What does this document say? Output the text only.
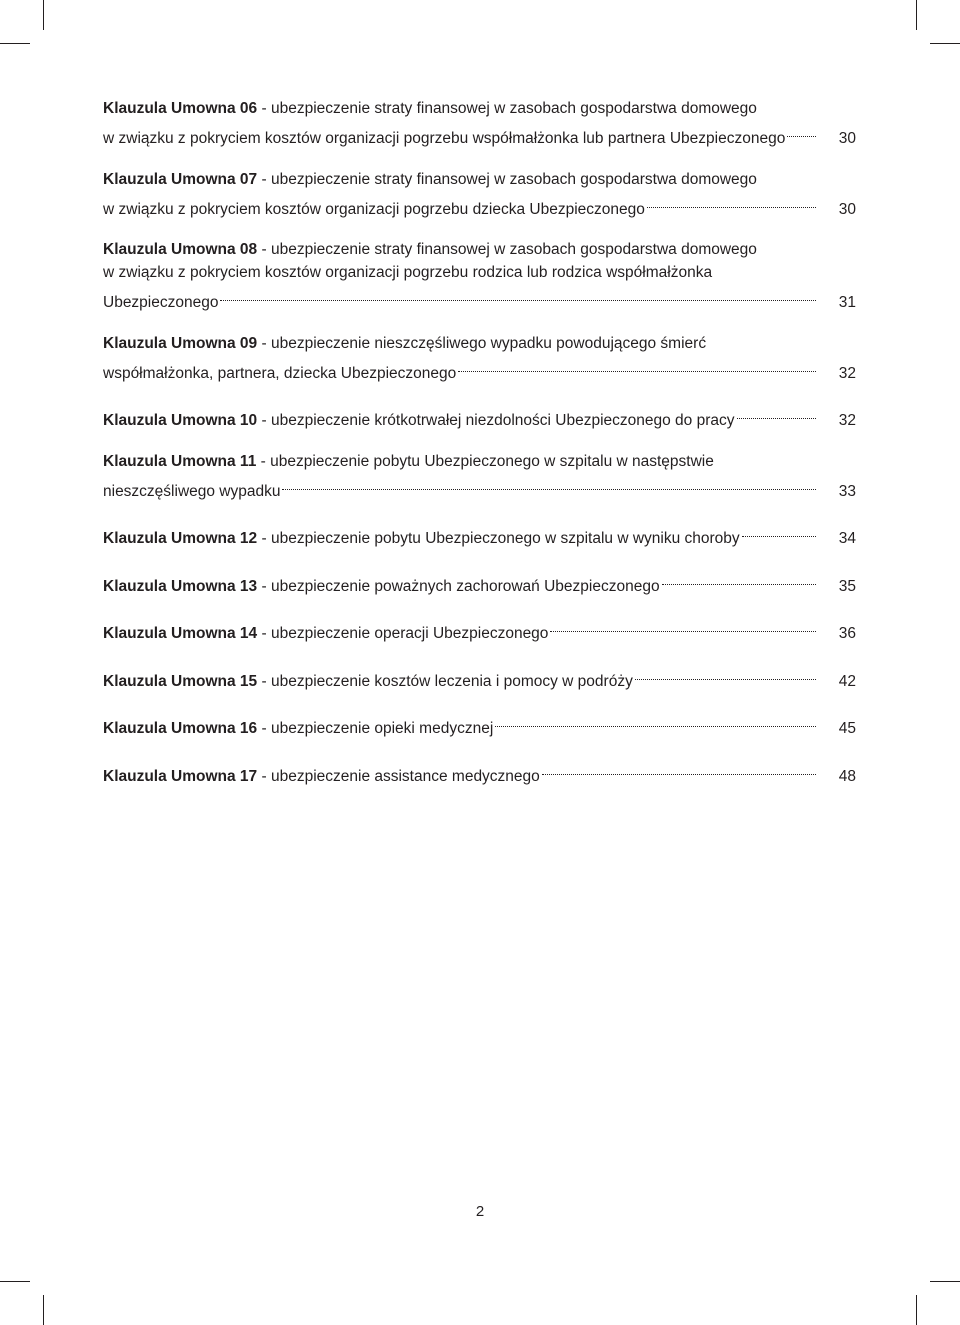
Klauzula Umowna 06 - ubezpieczenie straty finansowej w zasobach gospodarstwa domowego
w związku z pokryciem kosztów organizacji pogrzebu współmałżonka lub partnera Ubezpieczonego	30
Klauzula Umowna 07 - ubezpieczenie straty finansowej w zasobach gospodarstwa domowego
w związku z pokryciem kosztów organizacji pogrzebu dziecka Ubezpieczonego	30
Klauzula Umowna 08 - ubezpieczenie straty finansowej w zasobach gospodarstwa domowego
w związku z pokryciem kosztów organizacji pogrzebu rodzica lub rodzica współmałżonka
Ubezpieczonego	31
Klauzula Umowna 09 - ubezpieczenie nieszczęśliwego wypadku powodującego śmierć
współmałżonka, partnera, dziecka Ubezpieczonego	32
Klauzula Umowna 10 - ubezpieczenie krótkotrwałej niezdolności Ubezpieczonego do pracy	32
Klauzula Umowna 11 - ubezpieczenie pobytu Ubezpieczonego w szpitalu w następstwie
nieszczęśliwego wypadku	33
Klauzula Umowna 12 - ubezpieczenie pobytu Ubezpieczonego w szpitalu w wyniku choroby	34
Klauzula Umowna 13 - ubezpieczenie poważnych zachorowań Ubezpieczonego	35
Klauzula Umowna 14 - ubezpieczenie operacji Ubezpieczonego	36
Klauzula Umowna 15 - ubezpieczenie kosztów leczenia i pomocy w podróży	42
Klauzula Umowna 16 - ubezpieczenie opieki medycznej	45
Klauzula Umowna 17 - ubezpieczenie assistance medycznego	48
2
